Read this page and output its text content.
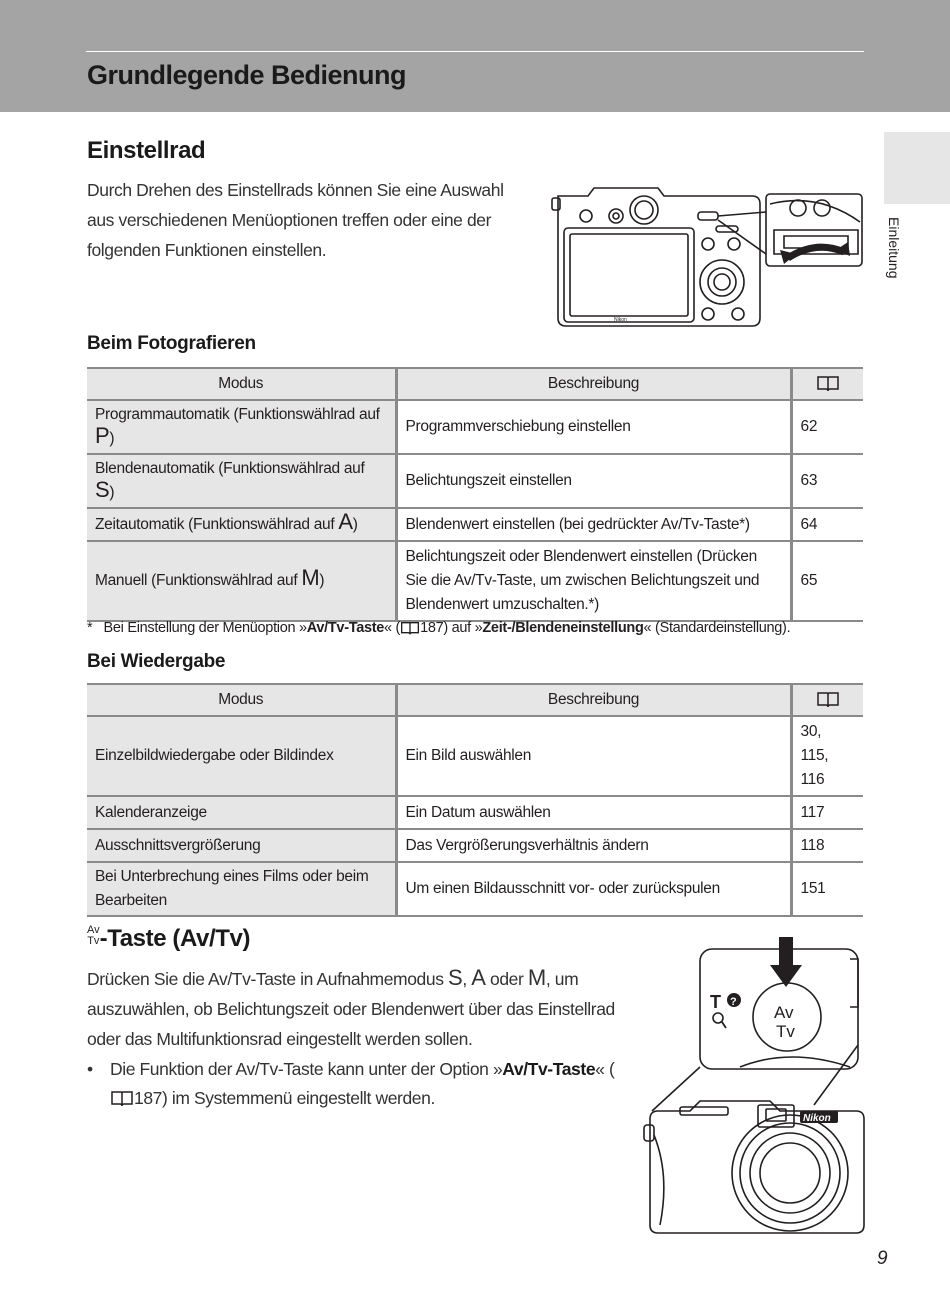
Grundlegende Bedienung
Einleitung
Einstellrad

Durch Drehen des Einstellrads können Sie eine Auswahl aus verschiedenen Menüoptionen treffen oder eine der folgenden Funktionen einstellen.

Nikon
Beim Fotografieren
Modus	Beschreibung	
Programmautomatik (Funktionswählrad auf P)	Programmverschiebung einstellen	62
Blendenautomatik (Funktionswählrad auf S)	Belichtungszeit einstellen	63
Zeitautomatik (Funktionswählrad auf A)	Blendenwert einstellen (bei gedrückter Av/Tv-Taste*)	64
Manuell (Funktionswählrad auf M)	Belichtungszeit oder Blendenwert einstellen (Drücken Sie die Av/Tv-Taste, um zwischen Belichtungszeit und Blendenwert umzuschalten.*)	65

* Bei Einstellung der Menüoption »Av/Tv-Taste« ( 187) auf »Zeit-/Blendeneinstellung« (Standardeinstellung).

Bei Wiedergabe
Modus	Beschreibung	
Einzelbildwiedergabe oder Bildindex	Ein Bild auswählen	30,
115,
116
Kalenderanzeige	Ein Datum auswählen	117
Ausschnittsvergrößerung	Das Vergrößerungsverhältnis ändern	118
Bei Unterbrechung eines Films oder beim Bearbeiten	Um einen Bildausschnitt vor- oder zurückspulen	151
Av
Tv -Taste (Av/Tv)

Drücken Sie die Av/Tv-Taste in Aufnahmemodus S, A oder M, um auszuwählen, ob Belichtungszeit oder Blendenwert über das Einstellrad oder das Multifunktionsrad eingestellt werden sollen.

• Die Funktion der Av/Tv-Taste kann unter der Option »Av/Tv-Taste« (187) im Systemmenü eingestellt werden.

T ?
Av
Tv
Nikon
9
